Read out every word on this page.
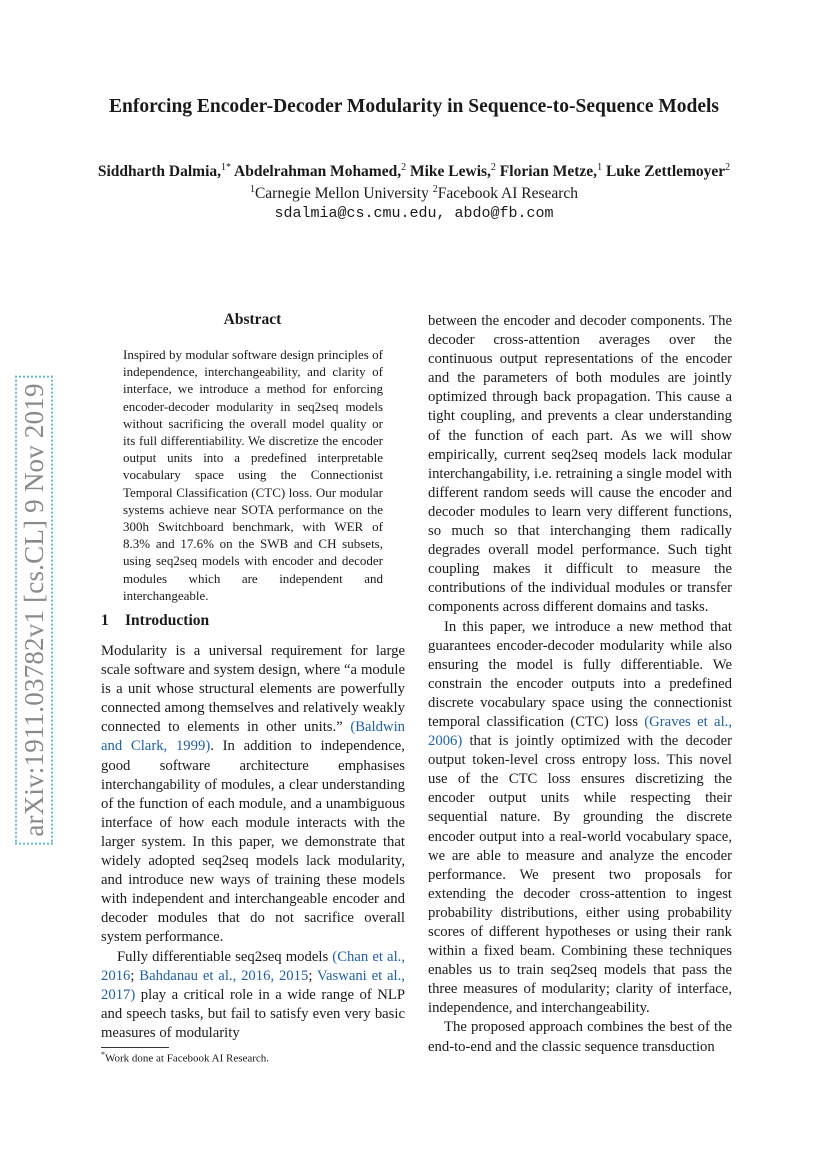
arXiv:1911.03782v1 [cs.CL] 9 Nov 2019
Enforcing Encoder-Decoder Modularity in Sequence-to-Sequence Models
Siddharth Dalmia,$^{1*}$ Abdelrahman Mohamed,$^2$ Mike Lewis,$^2$ Florian Metze,$^1$ Luke Zettlemoyer$^2$
$^1$Carnegie Mellon University $^2$Facebook AI Research
sdalmia@cs.cmu.edu, abdo@fb.com
Abstract

Inspired by modular software design principles of independence, interchangeability, and clarity of interface, we introduce a method for enforcing encoder-decoder modularity in seq2seq models without sacrificing the overall model quality or its full differentiability. We discretize the encoder output units into a predefined interpretable vocabulary space using the Connectionist Temporal Classification (CTC) loss. Our modular systems achieve near SOTA performance on the 300h Switchboard benchmark, with WER of 8.3% and 17.6% on the SWB and CH subsets, using seq2seq models with encoder and decoder modules which are independent and interchangeable.

1 Introduction

Modularity is a universal requirement for large scale software and system design, where “a module is a unit whose structural elements are powerfully connected among themselves and relatively weakly connected to elements in other units.” (Baldwin and Clark, 1999). In addition to independence, good software architecture emphasises interchangability of modules, a clear understanding of the function of each module, and a unambiguous interface of how each module interacts with the larger system. In this paper, we demonstrate that widely adopted seq2seq models lack modularity, and introduce new ways of training these models with independent and interchangeable encoder and decoder modules that do not sacrifice overall system performance.

Fully differentiable seq2seq models (Chan et al., 2016; Bahdanau et al., 2016, 2015; Vaswani et al., 2017) play a critical role in a wide range of NLP and speech tasks, but fail to satisfy even very basic measures of modularity

*Work done at Facebook AI Research.

between the encoder and decoder components. The decoder cross-attention averages over the continuous output representations of the encoder and the parameters of both modules are jointly optimized through back propagation. This cause a tight coupling, and prevents a clear understanding of the function of each part. As we will show empirically, current seq2seq models lack modular interchangability, i.e. retraining a single model with different random seeds will cause the encoder and decoder modules to learn very different functions, so much so that interchanging them radically degrades overall model performance. Such tight coupling makes it difficult to measure the contributions of the individual modules or transfer components across different domains and tasks.

In this paper, we introduce a new method that guarantees encoder-decoder modularity while also ensuring the model is fully differentiable. We constrain the encoder outputs into a predefined discrete vocabulary space using the connectionist temporal classification (CTC) loss (Graves et al., 2006) that is jointly optimized with the decoder output token-level cross entropy loss. This novel use of the CTC loss ensures discretizing the encoder output units while respecting their sequential nature. By grounding the discrete encoder output into a real-world vocabulary space, we are able to measure and analyze the encoder performance. We present two proposals for extending the decoder cross-attention to ingest probability distributions, either using probability scores of different hypotheses or using their rank within a fixed beam. Combining these techniques enables us to train seq2seq models that pass the three measures of modularity; clarity of interface, independence, and interchangeability.

The proposed approach combines the best of the end-to-end and the classic sequence transduction
